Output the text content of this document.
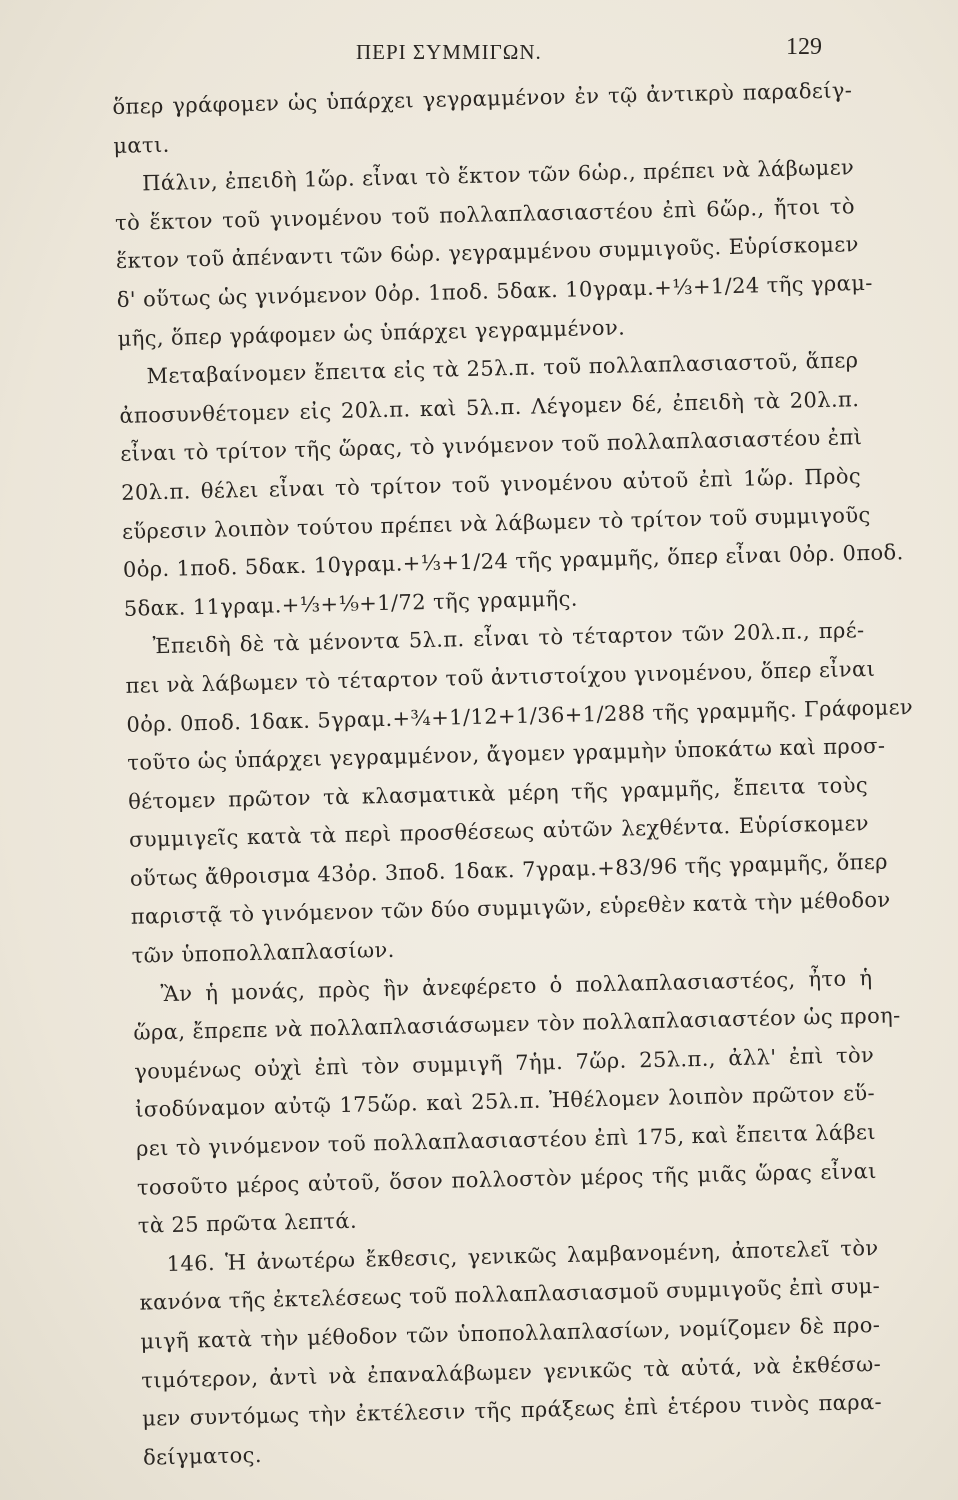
ΠΕΡΙ ΣΥΜΜΙΓΩΝ.	129
ὅπερ γράφομεν ὡς ὑπάρχει γεγραμμένον ἐν τῷ ἀντικρὺ παραδείγ-
ματι.
Πάλιν, ἐπειδὴ 1ὥρ. εἶναι τὸ ἕκτον τῶν 6ὡρ., πρέπει νὰ λάβωμεν
τὸ ἕκτον τοῦ γινομένου τοῦ πολλαπλασιαστέου ἐπὶ 6ὥρ., ἤτοι τὸ
ἕκτον τοῦ ἀπέναντι τῶν 6ὡρ. γεγραμμένου συμμιγοῦς. Εὑρίσκομεν
δ' οὕτως ὡς γινόμενον 0ὀρ. 1ποδ. 5δακ. 10γραμ.+⅓+1/24 τῆς γραμ-
μῆς, ὅπερ γράφομεν ὡς ὑπάρχει γεγραμμένον.
Μεταβαίνομεν ἔπειτα εἰς τὰ 25λ.π. τοῦ πολλαπλασιαστοῦ, ἅπερ
ἀποσυνθέτομεν εἰς 20λ.π. καὶ 5λ.π. Λέγομεν δέ, ἐπειδὴ τὰ 20λ.π.
εἶναι τὸ τρίτον τῆς ὥρας, τὸ γινόμενον τοῦ πολλαπλασιαστέου ἐπὶ
20λ.π. θέλει εἶναι τὸ τρίτον τοῦ γινομένου αὐτοῦ ἐπὶ 1ὥρ. Πρὸς
εὕρεσιν λοιπὸν τούτου πρέπει νὰ λάβωμεν τὸ τρίτον τοῦ συμμιγοῦς
0ὀρ. 1ποδ. 5δακ. 10γραμ.+⅓+1/24 τῆς γραμμῆς, ὅπερ εἶναι 0ὀρ. 0ποδ.
5δακ. 11γραμ.+⅓+⅑+1/72 τῆς γραμμῆς.
Ἐπειδὴ δὲ τὰ μένοντα 5λ.π. εἶναι τὸ τέταρτον τῶν 20λ.π., πρέ-
πει νὰ λάβωμεν τὸ τέταρτον τοῦ ἀντιστοίχου γινομένου, ὅπερ εἶναι
0ὀρ. 0ποδ. 1δακ. 5γραμ.+¾+1/12+1/36+1/288 τῆς γραμμῆς. Γράφομεν
τοῦτο ὡς ὑπάρχει γεγραμμένον, ἄγομεν γραμμὴν ὑποκάτω καὶ προσ-
θέτομεν πρῶτον τὰ κλασματικὰ μέρη τῆς γραμμῆς, ἔπειτα τοὺς
συμμιγεῖς κατὰ τὰ περὶ προσθέσεως αὐτῶν λεχθέντα. Εὑρίσκομεν
οὕτως ἄθροισμα 43ὀρ. 3ποδ. 1δακ. 7γραμ.+83/96 τῆς γραμμῆς, ὅπερ
παριστᾷ τὸ γινόμενον τῶν δύο συμμιγῶν, εὑρεθὲν κατὰ τὴν μέθοδον
τῶν ὑποπολλαπλασίων.
Ἂν ἡ μονάς, πρὸς ἣν ἀνεφέρετο ὁ πολλαπλασιαστέος, ἦτο ἡ
ὥρα, ἔπρεπε νὰ πολλαπλασιάσωμεν τὸν πολλαπλασιαστέον ὡς προη-
γουμένως οὐχὶ ἐπὶ τὸν συμμιγῆ 7ἡμ. 7ὥρ. 25λ.π., ἀλλ' ἐπὶ τὸν
ἰσοδύναμον αὐτῷ 175ὥρ. καὶ 25λ.π. Ἠθέλομεν λοιπὸν πρῶτον εὕ-
ρει τὸ γινόμενον τοῦ πολλαπλασιαστέου ἐπὶ 175, καὶ ἔπειτα λάβει
τοσοῦτο μέρος αὐτοῦ, ὅσον πολλοστὸν μέρος τῆς μιᾶς ὥρας εἶναι
τὰ 25 πρῶτα λεπτά.
146. Ἡ ἀνωτέρω ἔκθεσις, γενικῶς λαμβανομένη, ἀποτελεῖ τὸν
κανόνα τῆς ἐκτελέσεως τοῦ πολλαπλασιασμοῦ συμμιγοῦς ἐπὶ συμ-
μιγῆ κατὰ τὴν μέθοδον τῶν ὑποπολλαπλασίων, νομίζομεν δὲ προ-
τιμότερον, ἀντὶ νὰ ἐπαναλάβωμεν γενικῶς τὰ αὐτά, νὰ ἐκθέσω-
μεν συντόμως τὴν ἐκτέλεσιν τῆς πράξεως ἐπὶ ἑτέρου τινὸς παρα-
δείγματος.
